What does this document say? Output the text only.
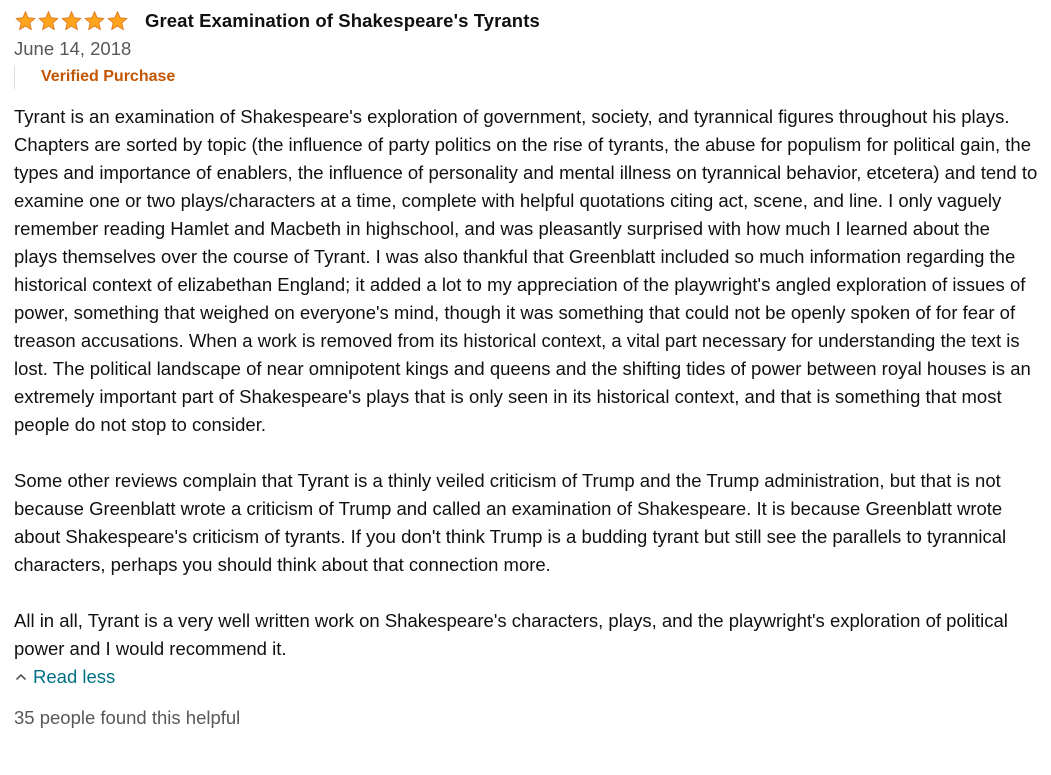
Great Examination of Shakespeare's Tyrants
June 14, 2018
Verified Purchase

Tyrant is an examination of Shakespeare's exploration of government, society, and tyrannical figures throughout his plays. Chapters are sorted by topic (the influence of party politics on the rise of tyrants, the abuse for populism for political gain, the types and importance of enablers, the influence of personality and mental illness on tyrannical behavior, etcetera) and tend to examine one or two plays/characters at a time, complete with helpful quotations citing act, scene, and line. I only vaguely remember reading Hamlet and Macbeth in highschool, and was pleasantly surprised with how much I learned about the plays themselves over the course of Tyrant. I was also thankful that Greenblatt included so much information regarding the historical context of elizabethan England; it added a lot to my appreciation of the playwright's angled exploration of issues of power, something that weighed on everyone's mind, though it was something that could not be openly spoken of for fear of treason accusations. When a work is removed from its historical context, a vital part necessary for understanding the text is lost. The political landscape of near omnipotent kings and queens and the shifting tides of power between royal houses is an extremely important part of Shakespeare's plays that is only seen in its historical context, and that is something that most people do not stop to consider.

Some other reviews complain that Tyrant is a thinly veiled criticism of Trump and the Trump administration, but that is not because Greenblatt wrote a criticism of Trump and called an examination of Shakespeare. It is because Greenblatt wrote about Shakespeare's criticism of tyrants. If you don't think Trump is a budding tyrant but still see the parallels to tyrannical characters, perhaps you should think about that connection more.

All in all, Tyrant is a very well written work on Shakespeare's characters, plays, and the playwright's exploration of political power and I would recommend it.

Read less
35 people found this helpful
